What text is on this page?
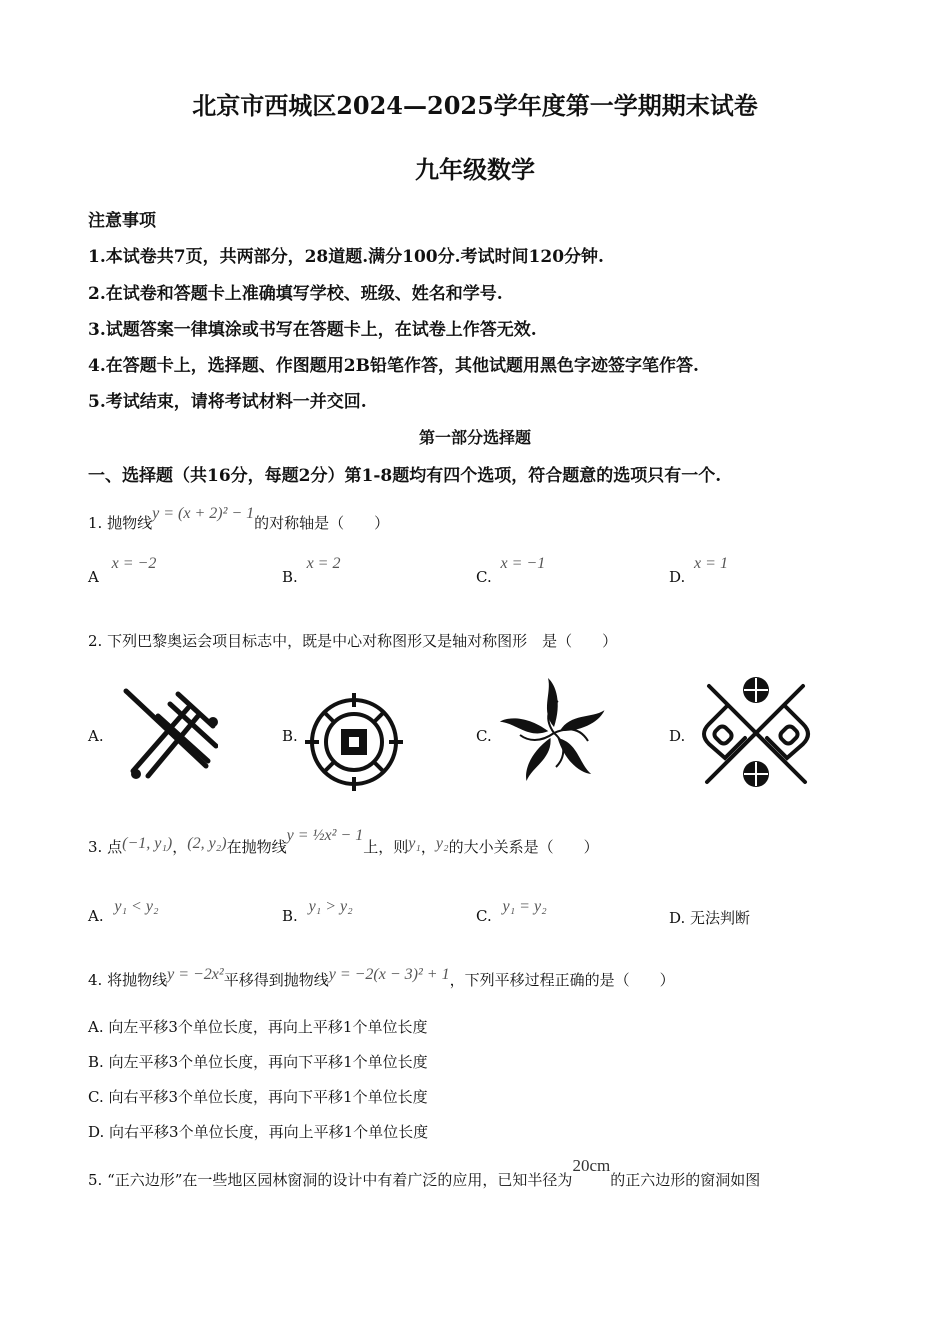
北京市西城区2024—2025学年度第一学期期末试卷
九年级数学
注意事项
1.本试卷共7页，共两部分，28道题.满分100分.考试时间120分钟.
2.在试卷和答题卡上准确填写学校、班级、姓名和学号.
3.试题答案一律填涂或书写在答题卡上，在试卷上作答无效.
4.在答题卡上，选择题、作图题用2B铅笔作答，其他试题用黑色字迹签字笔作答.
5.考试结束，请将考试材料一并交回.
第一部分选择题
一、选择题（共16分，每题2分）第1-8题均有四个选项，符合题意的选项只有一个.
1. 抛物线y = (x + 2)² − 1的对称轴是（　　）
A x = −2
B. x = 2
C. x = −1
D. x = 1
2. 下列巴黎奥运会项目标志中，既是中心对称图形又是轴对称图形　是（　　）
A.	B.	C.	D.
3. 点(−1, y₁)，(2, y₂)在抛物线y = ½x² − 1上，则y₁，y₂的大小关系是（　　）
A. y₁ < y₂
B. y₁ > y₂
C. y₁ = y₂
D. 无法判断
4. 将抛物线y = −2x²平移得到抛物线y = −2(x − 3)² + 1，下列平移过程正确的是（　　）
A. 向左平移3个单位长度，再向上平移1个单位长度
B. 向左平移3个单位长度，再向下平移1个单位长度
C. 向右平移3个单位长度，再向下平移1个单位长度
D. 向右平移3个单位长度，再向上平移1个单位长度
5. “正六边形”在一些地区园林窗洞的设计中有着广泛的应用，已知半径为20cm的正六边形的窗洞如图
